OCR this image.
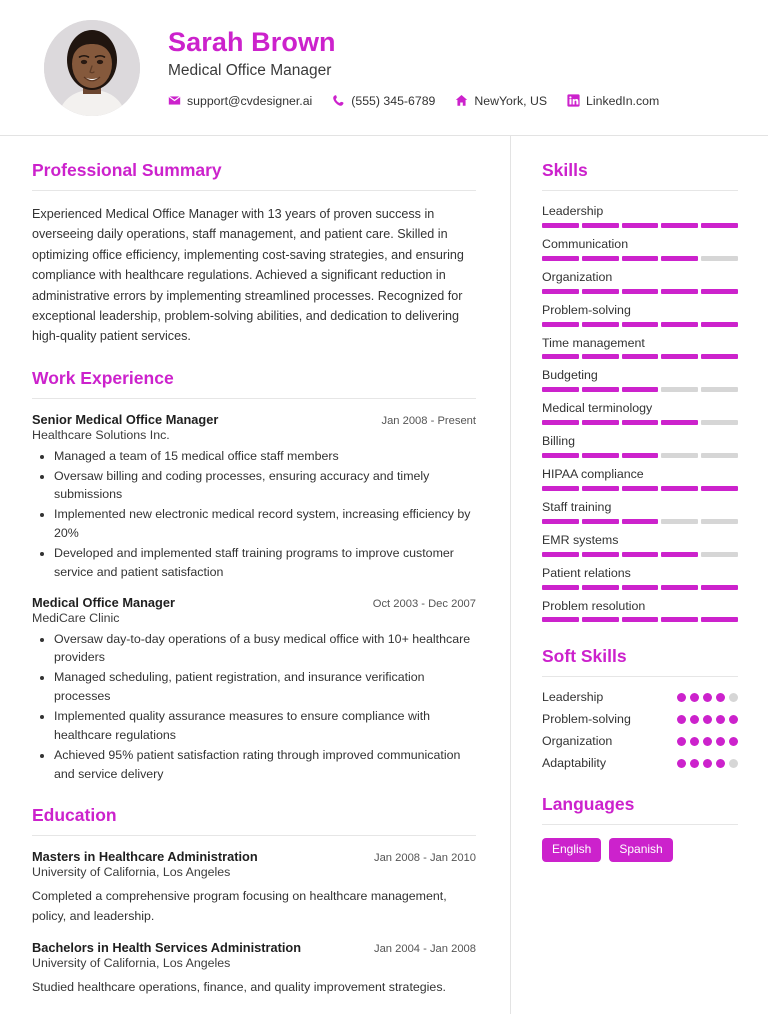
Sarah Brown
Medical Office Manager
support@cvdesigner.ai	(555) 345-6789	NewYork, US	LinkedIn.com
Professional Summary
Experienced Medical Office Manager with 13 years of proven success in overseeing daily operations, staff management, and patient care. Skilled in optimizing office efficiency, implementing cost-saving strategies, and ensuring compliance with healthcare regulations. Achieved a significant reduction in administrative errors by implementing streamlined processes. Recognized for exceptional leadership, problem-solving abilities, and dedication to delivering high-quality patient services.
Work Experience
Senior Medical Office Manager	Jan 2008 - Present
Healthcare Solutions Inc.
• Managed a team of 15 medical office staff members
• Oversaw billing and coding processes, ensuring accuracy and timely submissions
• Implemented new electronic medical record system, increasing efficiency by 20%
• Developed and implemented staff training programs to improve customer service and patient satisfaction
Medical Office Manager	Oct 2003 - Dec 2007
MediCare Clinic
• Oversaw day-to-day operations of a busy medical office with 10+ healthcare providers
• Managed scheduling, patient registration, and insurance verification processes
• Implemented quality assurance measures to ensure compliance with healthcare regulations
• Achieved 95% patient satisfaction rating through improved communication and service delivery
Education
Masters in Healthcare Administration	Jan 2008 - Jan 2010
University of California, Los Angeles
Completed a comprehensive program focusing on healthcare management, policy, and leadership.
Bachelors in Health Services Administration	Jan 2004 - Jan 2008
University of California, Los Angeles
Studied healthcare operations, finance, and quality improvement strategies.
Skills
Leadership
Communication
Organization
Problem-solving
Time management
Budgeting
Medical terminology
Billing
HIPAA compliance
Staff training
EMR systems
Patient relations
Problem resolution
Soft Skills
Leadership
Problem-solving
Organization
Adaptability
Languages
English	Spanish
